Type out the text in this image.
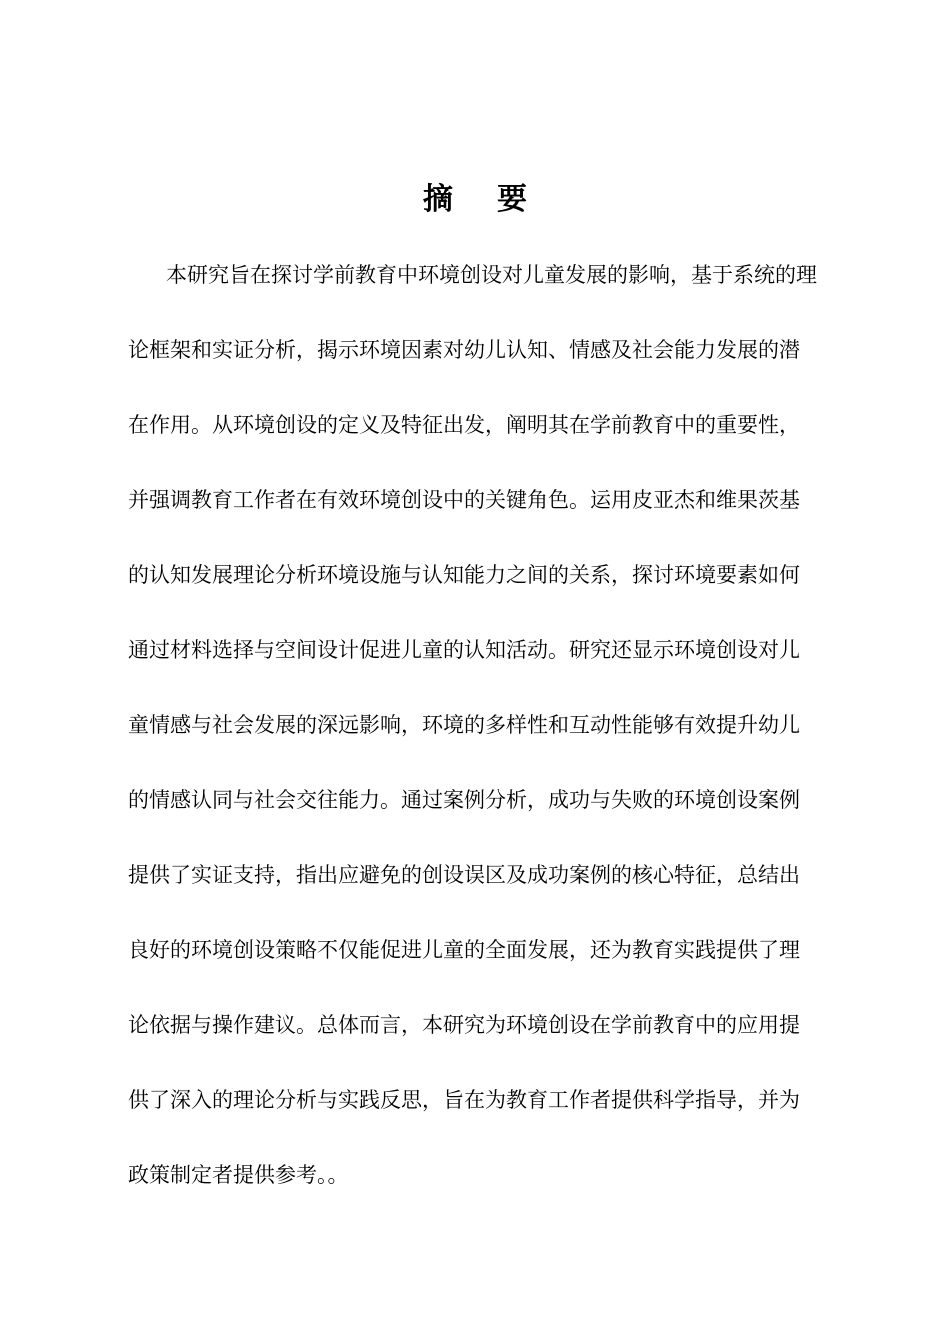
摘要
本研究旨在探讨学前教育中环境创设对儿童发展的影响，基于系统的理
论框架和实证分析，揭示环境因素对幼儿认知、情感及社会能力发展的潜
在作用。从环境创设的定义及特征出发，阐明其在学前教育中的重要性，
并强调教育工作者在有效环境创设中的关键角色。运用皮亚杰和维果茨基
的认知发展理论分析环境设施与认知能力之间的关系，探讨环境要素如何
通过材料选择与空间设计促进儿童的认知活动。研究还显示环境创设对儿
童情感与社会发展的深远影响，环境的多样性和互动性能够有效提升幼儿
的情感认同与社会交往能力。通过案例分析，成功与失败的环境创设案例
提供了实证支持，指出应避免的创设误区及成功案例的核心特征，总结出
良好的环境创设策略不仅能促进儿童的全面发展，还为教育实践提供了理
论依据与操作建议。总体而言，本研究为环境创设在学前教育中的应用提
供了深入的理论分析与实践反思，旨在为教育工作者提供科学指导，并为
政策制定者提供参考。。
